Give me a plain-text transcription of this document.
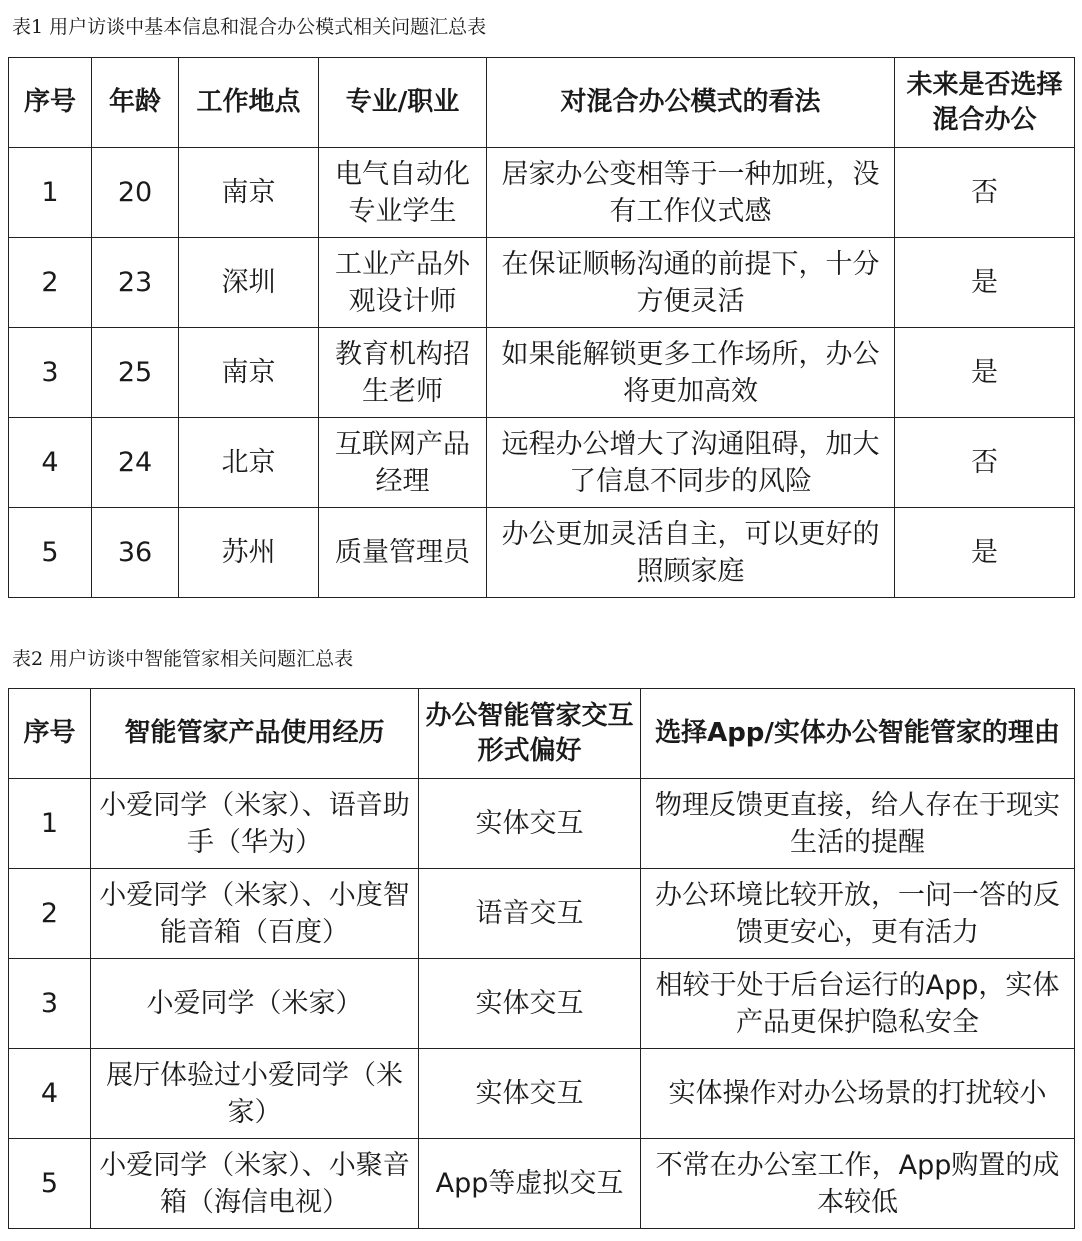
表1 用户访谈中基本信息和混合办公模式相关问题汇总表
序号	年龄	工作地点	专业/职业	对混合办公模式的看法	未来是否选择混合办公
1	20	南京	电气自动化专业学生	居家办公变相等于一种加班，没有工作仪式感	否
2	23	深圳	工业产品外观设计师	在保证顺畅沟通的前提下，十分方便灵活	是
3	25	南京	教育机构招生老师	如果能解锁更多工作场所，办公将更加高效	是
4	24	北京	互联网产品经理	远程办公增大了沟通阻碍，加大了信息不同步的风险	否
5	36	苏州	质量管理员	办公更加灵活自主，可以更好的照顾家庭	是
表2 用户访谈中智能管家相关问题汇总表
序号	智能管家产品使用经历	办公智能管家交互形式偏好	选择App/实体办公智能管家的理由
1	小爱同学（米家）、语音助手（华为）	实体交互	物理反馈更直接，给人存在于现实生活的提醒
2	小爱同学（米家）、小度智能音箱（百度）	语音交互	办公环境比较开放，一问一答的反馈更安心，更有活力
3	小爱同学（米家）	实体交互	相较于处于后台运行的App，实体产品更保护隐私安全
4	展厅体验过小爱同学（米家）	实体交互	实体操作对办公场景的打扰较小
5	小爱同学（米家）、小聚音箱（海信电视）	App等虚拟交互	不常在办公室工作，App购置的成本较低
